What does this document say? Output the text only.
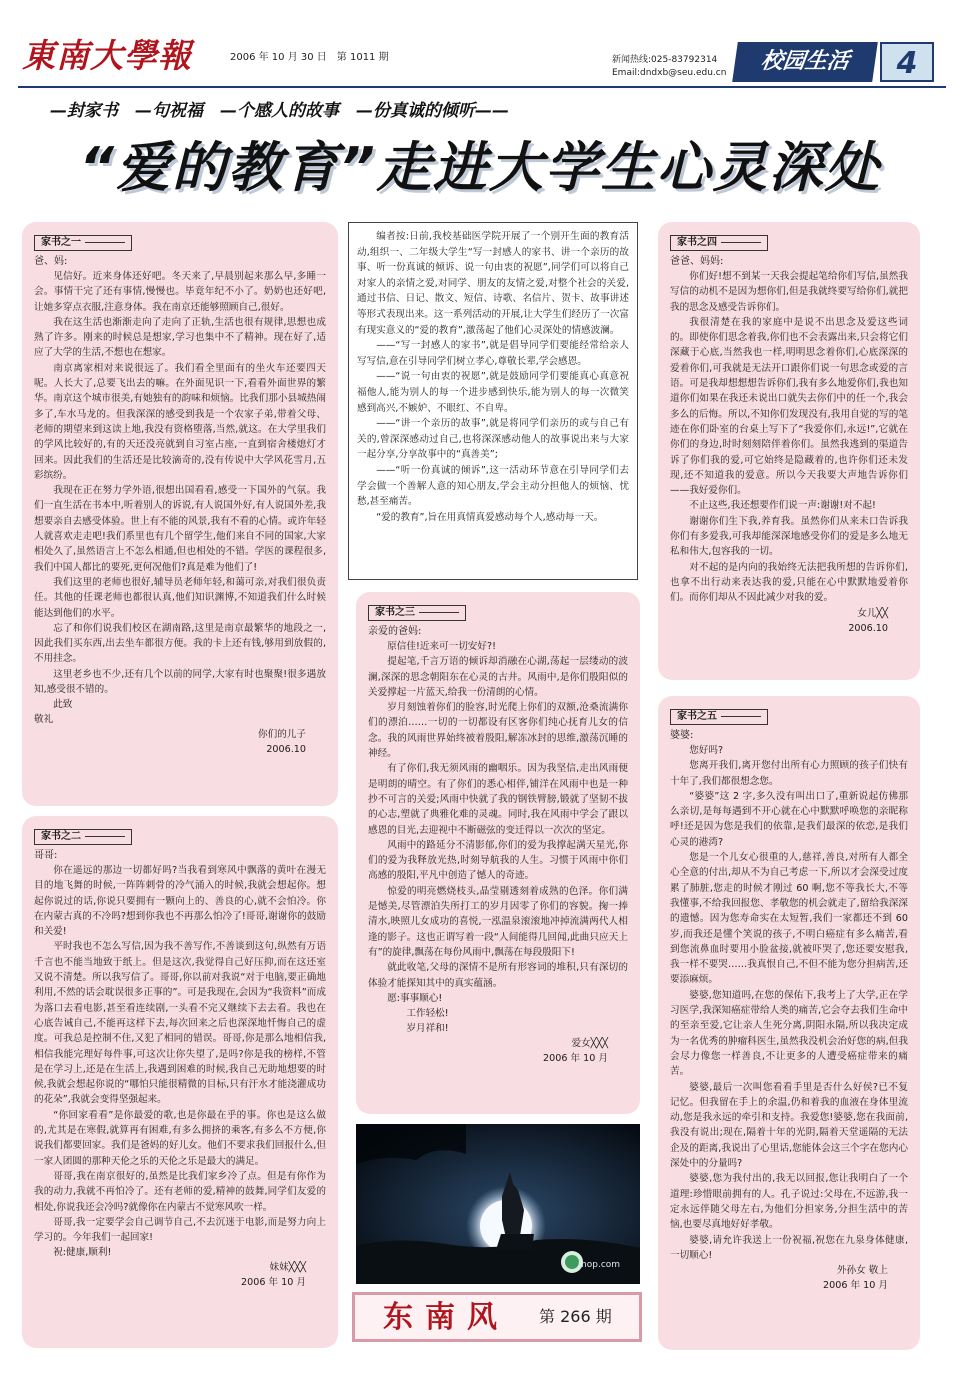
東南大學報	2006 年 10 月 30 日　第 1011 期	新闻热线:025-83792314
Email:dndxb@seu.edu.cn	校园生活	4
—封家书　—句祝福　—个感人的故事　—份真诚的倾听——
“爱的教育”走进大学生心灵深处
家书之一
爸、妈:

见信好。近来身体还好吧。冬天来了,早晨别起来那么早,多睡一会。事情干完了还有事情,慢慢也。毕竟年纪不小了。奶奶也还好吧,让她多穿点衣服,注意身体。我在南京还能够照顾自己,很好。

我在这生活也渐渐走向了走向了正轨,生活也很有规律,思想也成熟了许多。刚来的时候总是想家,学习也集中不了精神。现在好了,适应了大学的生活,不想也在想家。

南京离家相对来说很远了。我们看全里面有的坐火车还要四天呢。人长大了,总要飞出去的嘛。在外面见识一下,看看外面世界的繁华。南京这个城市很美,有她独有的韵味和烦恼。比我们那小县城热闹多了,车水马龙的。但我深深的感受到我是一个农家子弟,带着父母、老师的期望来到这读上地,我没有资格堕落,当然,就这。在大学里我们的学风比较好的,有的天还没亮就到自习室占座,一直到宿舍楼熄灯才回来。因此我们的生活还是比较滴奇的,没有传说中大学风花雪月,五彩缤纷。

我现在正在努力学外语,很想出国看看,感受一下国外的气氛。我们一直生活在书本中,听着别人的诉说,有人说国外好,有人说国外差,我想要亲自去感受体验。世上有不能的风景,我有不看的心情。或许年轻人就喜欢走走吧!我们系里也有几个留学生,他们来自不同的国家,大家相处久了,虽然语言上不怎么相通,但也相处的不错。学医的课程很多,我们中国人都比的要死,更何况他们?真是难为他们了!

我们这里的老师也很好,辅导员老师年轻,和蔼可亲,对我们很负责任。其他的任课老师也都很认真,他们知识渊博,不知道我们什么时候能达到他们的水平。

忘了和你们说我们校区在湖南路,这里是南京最繁华的地段之一,因此我们买东西,出去坐车都很方便。我的卡上还有钱,够用到放假的,不用挂念。

这里老乡也不少,还有几个以前的同学,大家有时也聚聚!很多遇放知,感受很不错的。

此致
敬礼
你们的儿子
2006.10
家书之二
哥哥:

你在遥远的那边一切都好吗?当我看到寒风中飘落的黄叶在漫无目的地飞舞的时候,一阵阵刺骨的冷气涌入的时候,我就会想起你。想起你说过的话,你说只要拥有一颗向上的、善良的心,就不会怕冷。你在内蒙古真的不冷吗?想到你我也不再那么怕冷了!哥哥,谢谢你的鼓励和关爱!

平时我也不怎么写信,因为我不善写作,不善谈到这句,纵然有万语千言也不能当地致于纸上。但是这次,我觉得自己好压抑,而在这还室又说不清楚。所以我写信了。哥哥,你以前对我说“对于电脑,要正确地利用,不然的话会耽误很多正事的”。可是我现在,会因为“我资料”而成为落口去看电影,甚至看连续剧,一头看不完又继续下去去看。我也在心底告诫自己,不能再这样下去,每次回来之后也深深地忏悔自己的虚度。可我总是控制不住,又犯了相同的错误。哥哥,你是那么地相信我,相信我能完理好每件事,可这次让你失望了,是吗?你是我的榜样,不管是在学习上,还是在生活上,我遇到困难的时候,我自己无助地想要的时候,我就会想起你说的“哪怕只能很精微的目标,只有汗水才能浇灌成功的花朵”,我就会变得坚强起来。

“你回家看看”是你最爱的歌,也是你最在乎的事。你也是这么做的,尤其是在寒假,就算再有困难,有多么拥挤的乘客,有多么不方便,你说我们都要回家。我们是爸妈的好儿女。他们不要求我们回报什么,但一家人团圆的那种天伦之乐的天伦之乐是最大的满足。

哥哥,我在南京很好的,虽然是比我们家乡冷了点。但是有你作为我的动力,我就不再怕冷了。还有老师的爱,精神的鼓舞,同学们友爱的相处,你说我还会冷吗?就像你在内蒙古不觉寒风吹一样。

哥哥,我一定要学会自己调节自己,不去沉迷于电影,而是努力向上学习的。今年我们一起回家!

祝:健康,顺利!
妹妹╳╳╳
2006 年 10 月

编者按:日前,我校基础医学院开展了一个别开生面的教育活动,组织一、二年级大学生“写一封感人的家书、讲一个亲历的故事、听一份真诚的倾诉、说一句由衷的祝愿”,同学们可以将自己对家人的亲情之爱,对同学、朋友的友情之爱,对整个社会的关爱,通过书信、日记、散文、短信、诗歌、名信片、贺卡、故事讲述等形式表现出来。这一系列活动的开展,让大学生们经历了一次富有现实意义的“爱的教育”,激荡起了他们心灵深处的情感波澜。

——“写一封感人的家书”,就是倡导同学们要能经常给亲人写写信,意在引导同学们树立孝心,尊敬长辈,学会感恩。

——“说一句由衷的祝愿”,就是鼓励同学们要能真心真意祝福他人,能为别人的每一个进步感到快乐,能为别人的每一次微笑感到高兴,不嫉妒、不眼红、不自卑。

——“讲一个亲历的故事”,就是将同学们亲历的或与自己有关的,曾深深感动过自己,也将深深感动他人的故事说出来与大家一起分享,分享故事中的“真善美”;

——“听一份真诚的倾诉”,这一活动环节意在引导同学们去学会做一个善解人意的知心朋友,学会主动分担他人的烦恼、忧愁,甚至痛苦。

“爱的教育”,旨在用真情真爱感动每个人,感动每一天。

家书之三
亲爱的爸妈:

原信佳!近来可一切安好?!

提起笔,千言万语的倾诉却消融在心湖,荡起一层缕动的波澜,深深的思念朝阳东在心灵的古井。风雨中,是你们殷阳似的关爱撑起一片蓝天,给我一份清朗的心情。

岁月刻蚀着你们的脸容,时光爬上你们的双额,沧桑流满你们的漂泊……一切的一切都设有区客你们纯心抚育儿女的信念。我的风雨世界始终被着殷阳,解冻冰封的思维,激荡沉睡的神经。

有了你们,我无须风雨的幽咽乐。因为我坚信,走出风雨便是明朗的晴空。有了你们的悉心相伴,铺洋在风雨中也是一种抄不可言的关爱;风雨中快就了我的钢铁臂膀,锻就了坚韧不拔的心志,塑就了典雅化难的灵魂。同时,我在风雨中学会了跟以感恩的目光,去迎视中不断磁弦的变迁得以一次次的坚定。

风雨中的路延分不清影郁,你们的爱为我撑起满天星光,你们的爱为我释放光热,时刻导航我的人生。习惯于风雨中你们高感的殷阳,平凡中创造了憾人的奇迹。

惊爱的明亮燃烧枝头,晶莹剔透刻着成熟的色泽。你们满是憾美,尽管漂泊失所打工的岁月因零了你们的容貌。掬一捧清水,映照儿女成功的喜悦,一泓温泉滚滚地冲掉流满两代人相逢的影子。这也正谓写着一段“人间能得几回闻,此曲只应天上有”的旋律,飘荡在每份风雨中,飘荡在每段殷阳下!

就此收笔,父母的深情不是所有形容词的堆积,只有深切的体验才能探知其中的真实蕴涵。

愿:事事顺心!
工作轻松!
岁月祥和!
爱女╳╳╳
2006 年 10 月
mop.com
东南风 第 266 期
家书之四
爸爸、妈妈:

你们好!想不到某一天我会提起笔给你们写信,虽然我写信的动机不是因为想你们,但是我就终要写给你们,就把我的思念及感受告诉你们。

我很清楚在我的家庭中是说不出思念及爱这些词的。即使你们思念着我,你们也不会表露出来,只会将它们深藏于心底,当然我也一样,明明思念着你们,心底深深的爱着你们,可我就是无法开口跟你们说一句思念或爱的言语。可是我却想想想告诉你们,我有多么地爱你们,我也知道你们如果在我还未说出口就失去你们中的任一个,我会多么的后悔。所以,不知你们发现没有,我用自觉的写的笔迹在你们卧室的台桌上写下了“我爱你们,永远!”,它就在你们的身边,时时刻刻陪伴着你们。虽然我逃到的渠道告诉了你们我的爱,可它始终是隐藏着的,也许你们还未发现,还不知道我的爱意。所以今天我要大声地告诉你们——我好爱你们。

不止这些,我还想要作们说一声:谢谢!对不起!

谢谢你们生下我,养育我。虽然你们从来未口告诉我你们有多爱我,可我却能深深地感受你们的爱是多么地无私和伟大,包容我的一切。

对不起的是内向的我始终无法把我所想的告诉你们,也拿不出行动来表达我的爱,只能在心中默默地爱着你们。而你们却从不因此减少对我的爱。

女儿╳╳
2006.10
家书之五
婆婆:

您好吗?

您离开我们,离开您付出所有心力照顾的孩子们快有十年了,我们都很想念您。

“婆婆”这 2 字,多久没有叫出口了,重新说起仿佛那么亲切,是每每遇到不开心就在心中默默呼唤您的亲昵称呼!还是因为您是我们的依靠,是我们最深的依恋,是我们心灵的港湾?

您是一个儿女心很重的人,慈祥,善良,对所有人都全心全意的付出,却从不为自己考虑一下,所以才会深受过度累了肺脏,您走的时候才刚过 60 啊,您不等我长大,不等我懂事,不给我回报您、孝敬您的机会就走了,留给我深深的遗憾。因为您寿命实在太短暂,我们一家都还不到 60 岁,而我还是懂个笑说的孩子,不明白癌症有多么痛苦,看到您流鼻血时要用小脸盆接,就被吓哭了,您还要安慰我,我一样不要哭……我真恨自己,不但不能为您分担病苦,还要添麻烦。

婆婆,您知道吗,在您的保佑下,我考上了大学,正在学习医学,我深知癌症带给人类的痛苦,它会夺去我们生命中的至亲至爱,它让亲人生死分离,阴阳永隔,所以我决定成为一名优秀的肿瘤科医生,虽然我没机会治好您的病,但我会尽力像您一样善良,不让更多的人遭受癌症带来的痛苦。

婆婆,最后一次叫您看看手里是否什么好侯?已不复记忆。但我留在手上的余温,仍和着我的血液在身体里流动,您是我永远的牵引和支持。我爱您!婆婆,您在我面前,我没有说出;现在,隔着十年的光阴,隔着天堂遥隔的无法企及的距离,我说出了心里话,您能体会这三个字在您内心深处中的分量吗?

婆婆,您为我付出的,我无以回报,您让我明白了一个道理:珍惜眼前拥有的人。孔子说过:父母在,不远游,我一定永远伴随父母左右,为他们分担家务,分担生活中的苦恼,也要尽真地好好孝敬。

婆婆,请允许我送上一份祝福,祝您在九泉身体健康,一切顺心!

外孙女 敬上
2006 年 10 月
